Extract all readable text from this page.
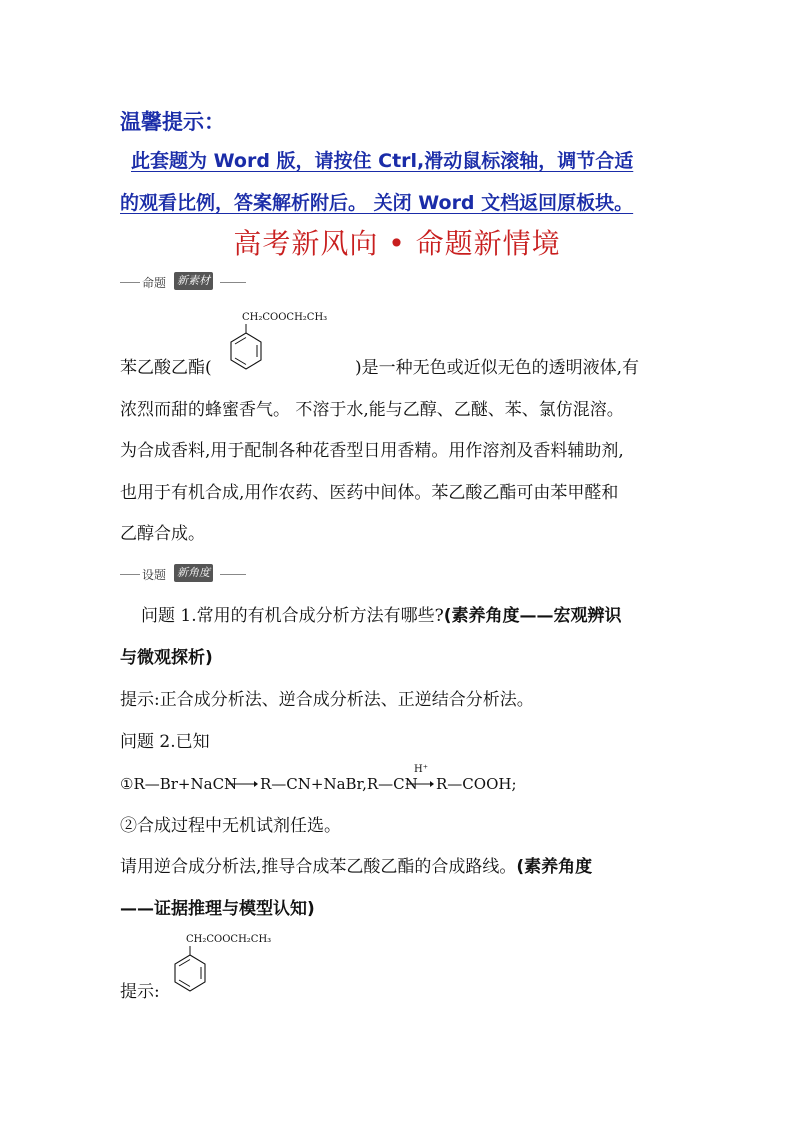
温馨提示：
此套题为 Word 版，请按住 Ctrl,滑动鼠标滚轴，调节合适
的观看比例，答案解析附后。 关闭 Word 文档返回原板块。
高考新风向 • 命题新情境
命题 新素材
CH₂COOCH₂CH₃
苯乙酸乙酯(	)是一种无色或近似无色的透明液体,有
浓烈而甜的蜂蜜香气。 不溶于水,能与乙醇、乙醚、苯、氯仿混溶。
为合成香料,用于配制各种花香型日用香精。用作溶剂及香料辅助剂,
也用于有机合成,用作农药、医药中间体。苯乙酸乙酯可由苯甲醛和
乙醇合成。
设题 新角度
问题 1.常用的有机合成分析方法有哪些?(素养角度——宏观辨识
与微观探析)
提示:正合成分析法、逆合成分析法、正逆结合分析法。
问题 2.已知
①R—Br+NaCN → R—CN+NaBr,R—CN
H⁺
→ R—COOH;
②合成过程中无机试剂任选。
请用逆合成分析法,推导合成苯乙酸乙酯的合成路线。(素养角度
——证据推理与模型认知)
提示:
CH₂COOCH₂CH₃
